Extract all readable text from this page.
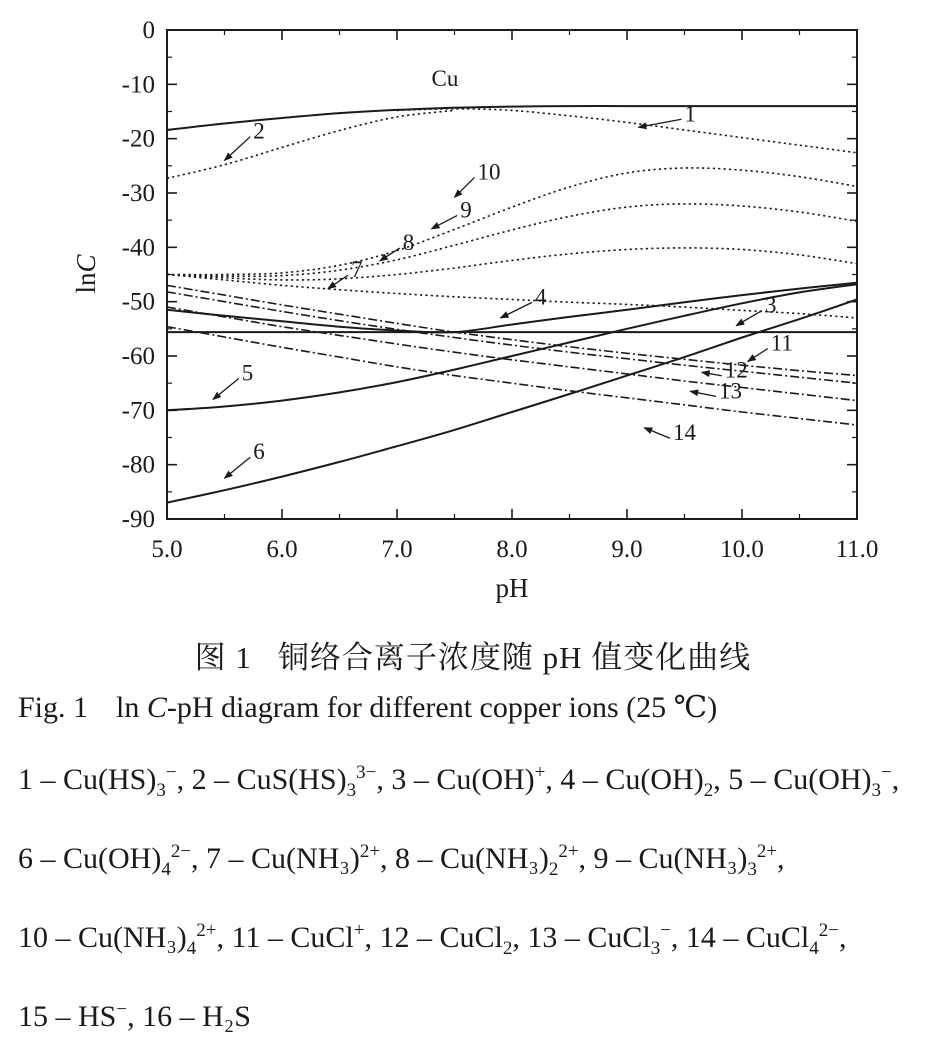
0
-10
-20
-30
-40
-50
-60
-70
-80
-90
5.0	6.0	7.0	8.0	9.0	10.0	11.0
Cu
1
2
3
4
5
6
7
8
9
10
11
12
13
14
pH
lnC
图 1 铜络合离子浓度随 pH 值变化曲线
Fig. 1 ln C-pH diagram for different copper ions (25 ℃)
$1 - Cu(HS)_3^-$, $2 - CuS(HS)_3^{3-}$, 3 – Cu(OH)+, $4 - Cu(OH)_2$, $5 - Cu(OH)_3^-$, $6 - Cu(OH)_4^{2-}$, $7 - Cu(NH_3)^{2+}$, $8 - Cu(NH_3)_2^{2+}$, $9 - Cu(NH_3)_3^{2+}$, $10 - Cu(NH_3)_4^{2+}$, 11 – CuCl+, 12 – CuCl$_2$, 13 – CuCl$_3$−, 14 – CuCl$_4^{2-}$, 15 – HS−, 16 – H₂S
